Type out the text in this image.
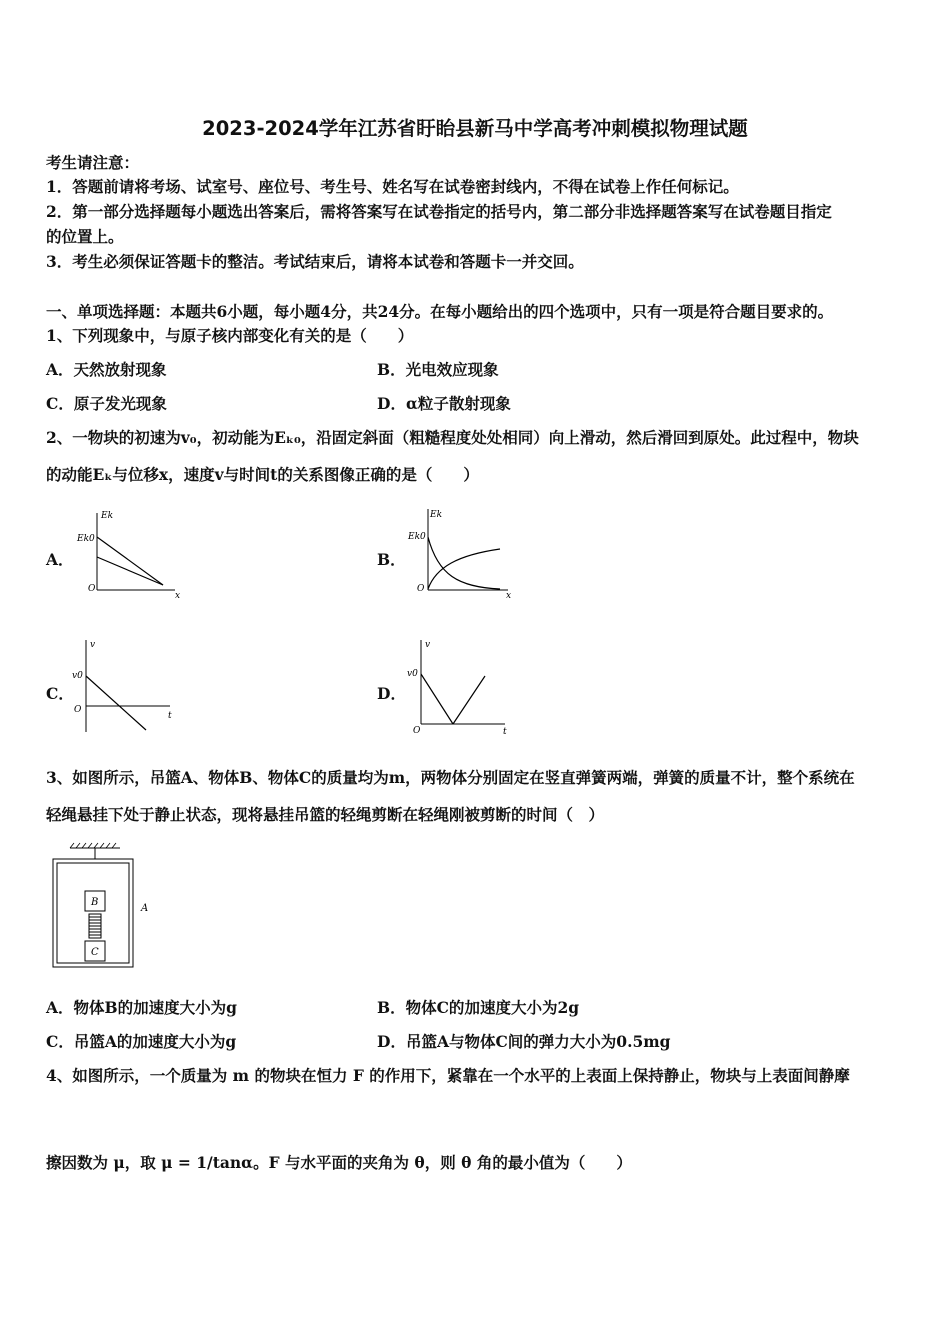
2023-2024学年江苏省盱眙县新马中学高考冲刺模拟物理试题
考生请注意：
1．答题前请将考场、试室号、座位号、考生号、姓名写在试卷密封线内，不得在试卷上作任何标记。
2．第一部分选择题每小题选出答案后，需将答案写在试卷指定的括号内，第二部分非选择题答案写在试卷题目指定
的位置上。
3．考生必须保证答题卡的整洁。考试结束后，请将本试卷和答题卡一并交回。
一、单项选择题：本题共6小题，每小题4分，共24分。在每小题给出的四个选项中，只有一项是符合题目要求的。
1、下列现象中，与原子核内部变化有关的是（　　）
A．天然放射现象	B．光电效应现象
C．原子发光现象	D．α粒子散射现象
2、一物块的初速为v₀，初动能为Eₖ₀，沿固定斜面（粗糙程度处处相同）向上滑动，然后滑回到原处。此过程中，物块
的动能Eₖ与位移x，速度v与时间t的关系图像正确的是（　　）
A．
Ek
Ek0
O
x
B．
Ek
Ek0
O
x
C．
v
v0
O
t
D．
v
v0
O	t
3、如图所示，吊篮A、物体B、物体C的质量均为m，两物体分别固定在竖直弹簧两端，弹簧的质量不计，整个系统在
轻绳悬挂下处于静止状态，现将悬挂吊篮的轻绳剪断在轻绳刚被剪断的时间（　）
B
C
A
A．物体B的加速度大小为g	B．物体C的加速度大小为2g
C．吊篮A的加速度大小为g	D．吊篮A与物体C间的弹力大小为0.5mg
4、如图所示，一个质量为 m 的物块在恒力 F 的作用下，紧靠在一个水平的上表面上保持静止，物块与上表面间静摩
擦因数为 μ，取 μ = 1/tanα。F 与水平面的夹角为 θ，则 θ 角的最小值为（　　）
